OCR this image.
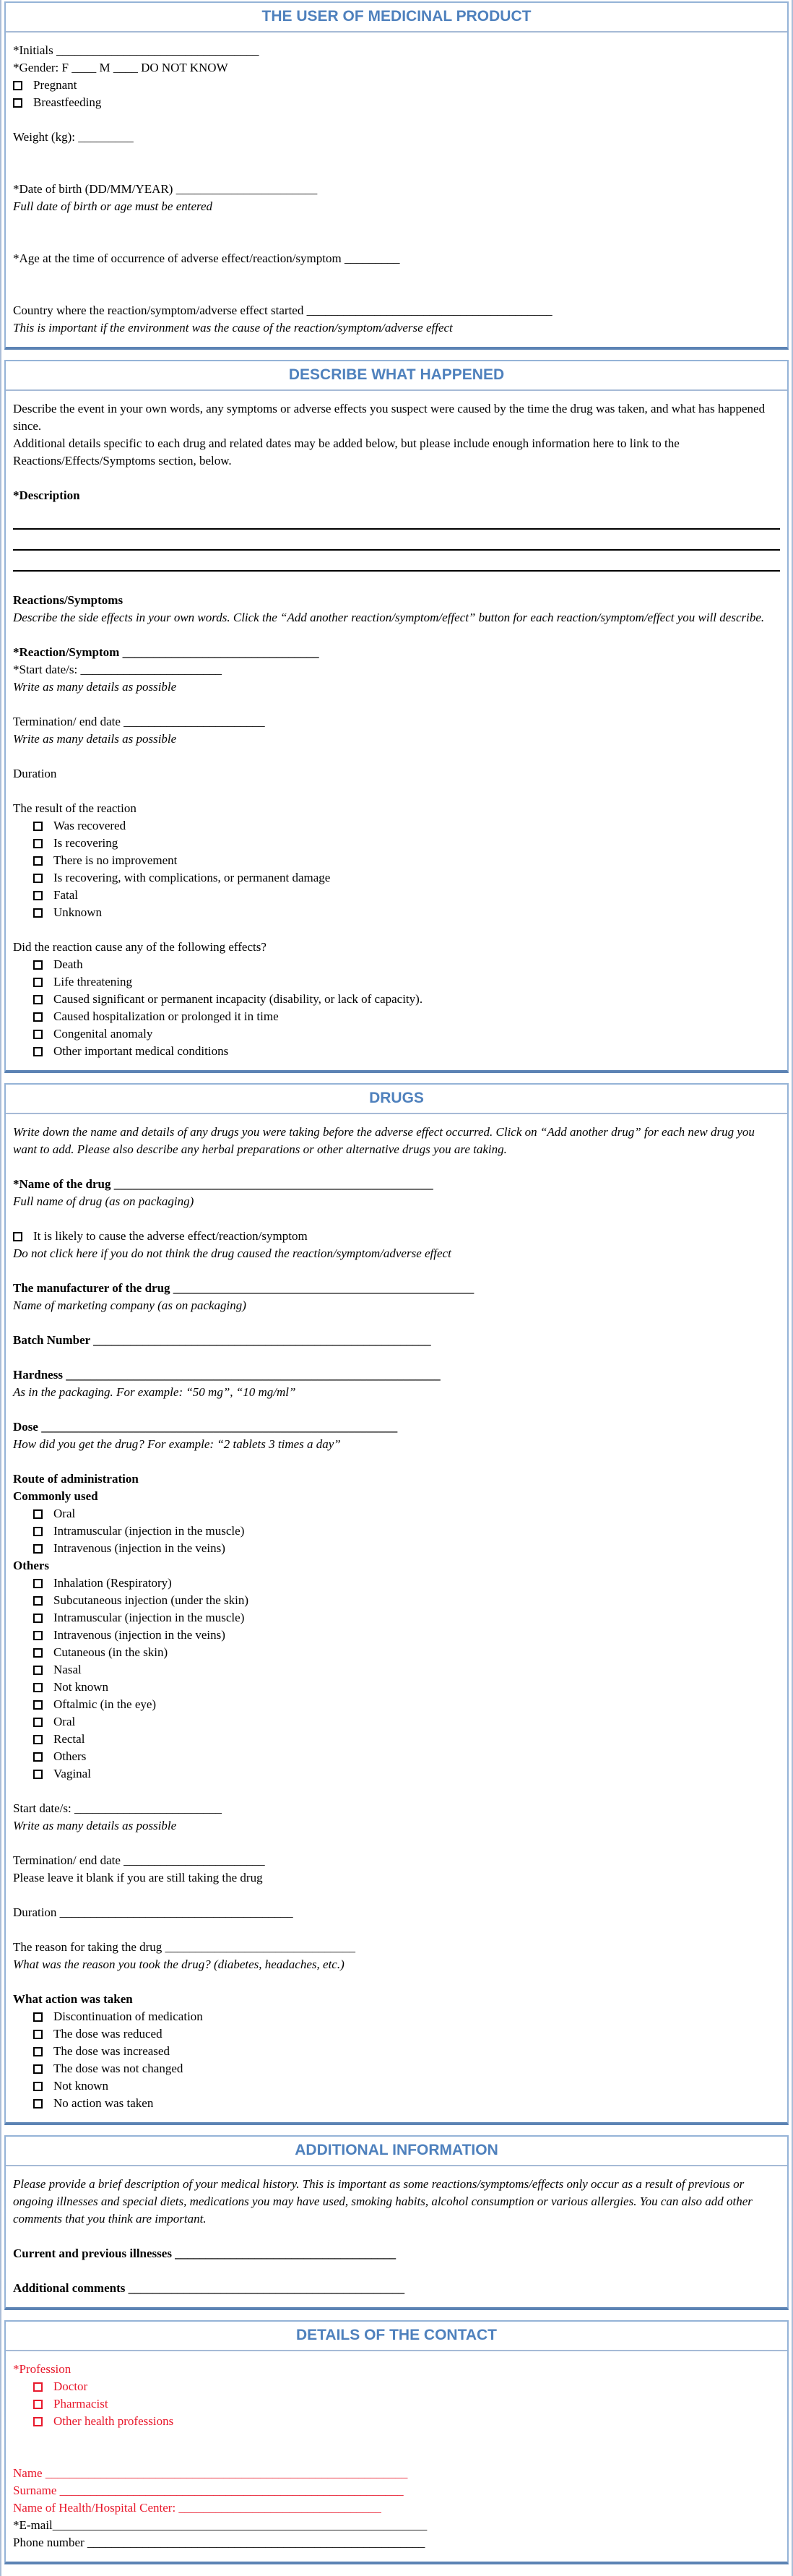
THE USER OF MEDICINAL PRODUCT
*Initials _________________________________
*Gender: F ____ M ____ DO NOT KNOW
Pregnant
Breastfeeding
Weight (kg): _________
*Date of birth (DD/MM/YEAR) _______________________
Full date of birth or age must be entered
*Age at the time of occurrence of adverse effect/reaction/symptom _________
Country where the reaction/symptom/adverse effect started ________________________________________
This is important if the environment was the cause of the reaction/symptom/adverse effect
DESCRIBE WHAT HAPPENED
Describe the event in your own words, any symptoms or adverse effects you suspect were caused by the time the drug was taken, and what has happened since.
Additional details specific to each drug and related dates may be added below, but please include enough information here to link to the Reactions/Effects/Symptoms section, below.
*Description
Reactions/Symptoms
Describe the side effects in your own words. Click the “Add another reaction/symptom/effect” button for each reaction/symptom/effect you will describe.
*Reaction/Symptom ________________________________
*Start date/s: _______________________
Write as many details as possible
Termination/ end date _______________________
Write as many details as possible
Duration
The result of the reaction
Was recovered
Is recovering
There is no improvement
Is recovering, with complications, or permanent damage
Fatal
Unknown
Did the reaction cause any of the following effects?
Death
Life threatening
Caused significant or permanent incapacity (disability, or lack of capacity).
Caused hospitalization or prolonged it in time
Congenital anomaly
Other important medical conditions
DRUGS
Write down the name and details of any drugs you were taking before the adverse effect occurred. Click on “Add another drug” for each new drug you want to add. Please also describe any herbal preparations or other alternative drugs you are taking.
*Name of the drug ____________________________________________________
Full name of drug (as on packaging)
It is likely to cause the adverse effect/reaction/symptom
Do not click here if you do not think the drug caused the reaction/symptom/adverse effect
The manufacturer of the drug _________________________________________________
Name of marketing company (as on packaging)
Batch Number _______________________________________________________
Hardness _____________________________________________________________
As in the packaging. For example: “50 mg”, “10 mg/ml”
Dose __________________________________________________________
How did you get the drug? For example: “2 tablets 3 times a day”
Route of administration
Commonly used
Oral
Intramuscular (injection in the muscle)
Intravenous (injection in the veins)
Others
Inhalation (Respiratory)
Subcutaneous injection (under the skin)
Intramuscular (injection in the muscle)
Intravenous (injection in the veins)
Cutaneous (in the skin)
Nasal
Not known
Oftalmic (in the eye)
Oral
Rectal
Others
Vaginal
Start date/s: ________________________
Write as many details as possible
Termination/ end date _______________________
Please leave it blank if you are still taking the drug
Duration ______________________________________
The reason for taking the drug _______________________________
What was the reason you took the drug? (diabetes, headaches, etc.)
What action was taken
Discontinuation of medication
The dose was reduced
The dose was increased
The dose was not changed
Not known
No action was taken
ADDITIONAL INFORMATION
Please provide a brief description of your medical history. This is important as some reactions/symptoms/effects only occur as a result of previous or ongoing illnesses and special diets, medications you may have used, smoking habits, alcohol consumption or various allergies. You can also add other comments that you think are important.
Current and previous illnesses ____________________________________
Additional comments _____________________________________________
DETAILS OF THE CONTACT
*Profession
Doctor
Pharmacist
Other health professions
Name ___________________________________________________________
Surname ________________________________________________________
Name of Health/Hospital Center: _________________________________
*E-mail_____________________________________________________________
Phone number _______________________________________________________
